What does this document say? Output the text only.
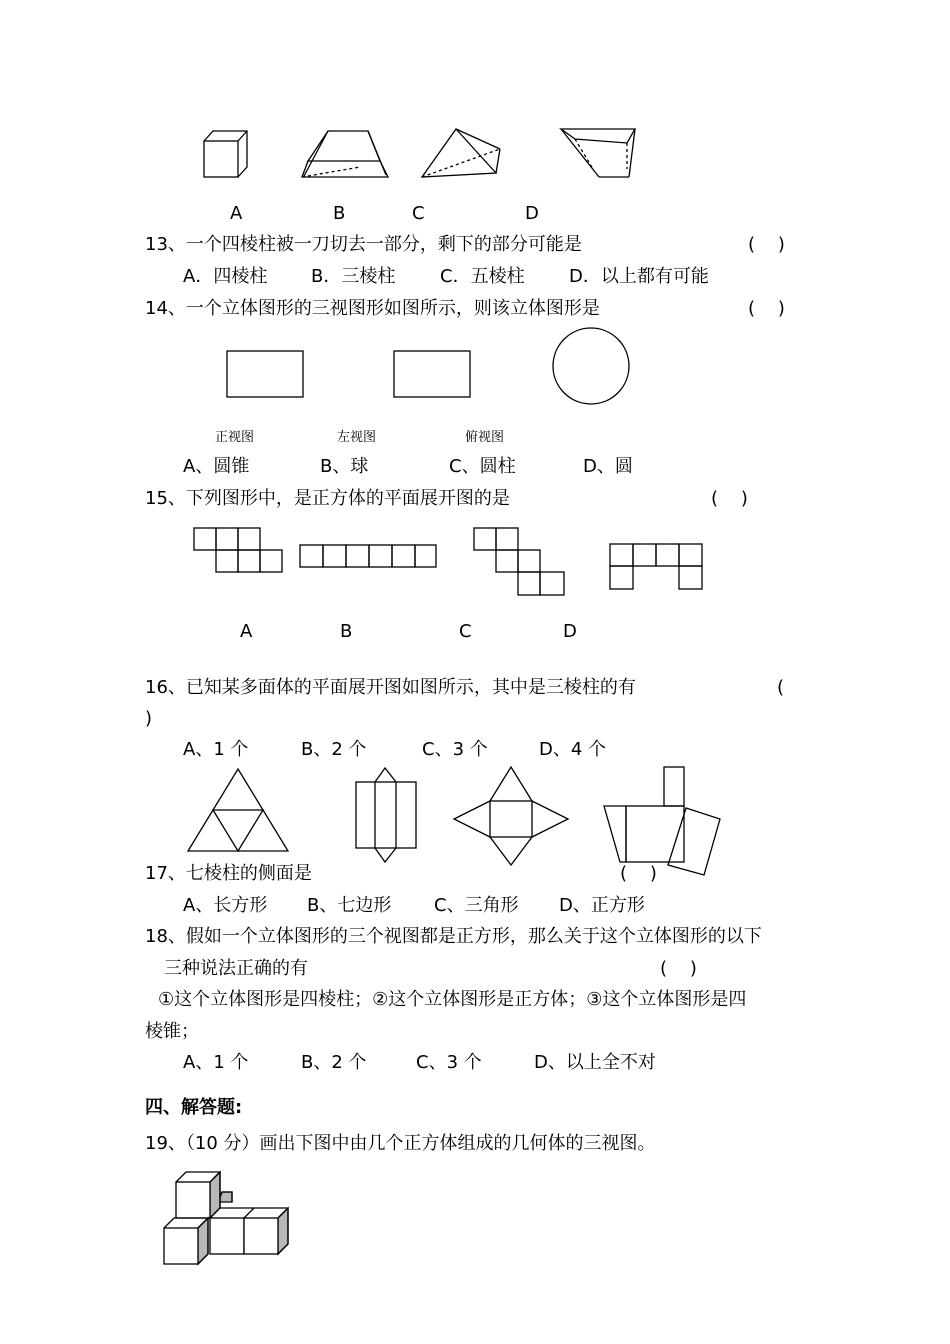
A	B	C	D
13、一个四棱柱被一刀切去一部分，剩下的部分可能是	(    )
A．四棱柱 B．三棱柱 C．五棱柱 D．以上都有可能
14、一个立体图形的三视图形如图所示，则该立体图形是	(    )
正视图	左视图	俯视图
A、圆锥	B、球	C、圆柱	D、圆
15、下列图形中，是正方体的平面展开图的是	(    )
A	B	C	D
16、已知某多面体的平面展开图如图所示，其中是三棱柱的有	(
)
A、1 个	B、2 个	C、3 个	D、4 个
17、七棱柱的侧面是	(    )
A、长方形 B、七边形 C、三角形 D、正方形
18、假如一个立体图形的三个视图都是正方形，那么关于这个立体图形的以下
三种说法正确的有	(    )
①这个立体图形是四棱柱；②这个立体图形是正方体；③这个立体图形是四
棱锥；
A、1 个	B、2 个	C、3 个	D、以上全不对
四、解答题:
19、（10 分）画出下图中由几个正方体组成的几何体的三视图。
